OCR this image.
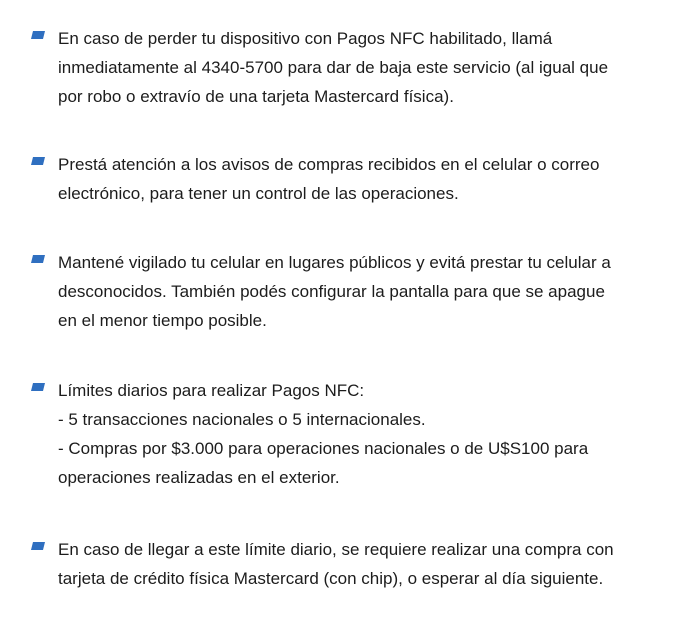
En caso de perder tu dispositivo con Pagos NFC habilitado, llamá
inmediatamente al 4340-5700 para dar de baja este servicio (al igual que
por robo o extravío de una tarjeta Mastercard física).
Prestá atención a los avisos de compras recibidos en el celular o correo
electrónico, para tener un control de las operaciones.
Mantené vigilado tu celular en lugares públicos y evitá prestar tu celular a
desconocidos. También podés configurar la pantalla para que se apague
en el menor tiempo posible.
Límites diarios para realizar Pagos NFC:
- 5 transacciones nacionales o 5 internacionales.
- Compras por $3.000 para operaciones nacionales o de U$S100 para
operaciones realizadas en el exterior.
En caso de llegar a este límite diario, se requiere realizar una compra con
tarjeta de crédito física Mastercard (con chip), o esperar al día siguiente.
